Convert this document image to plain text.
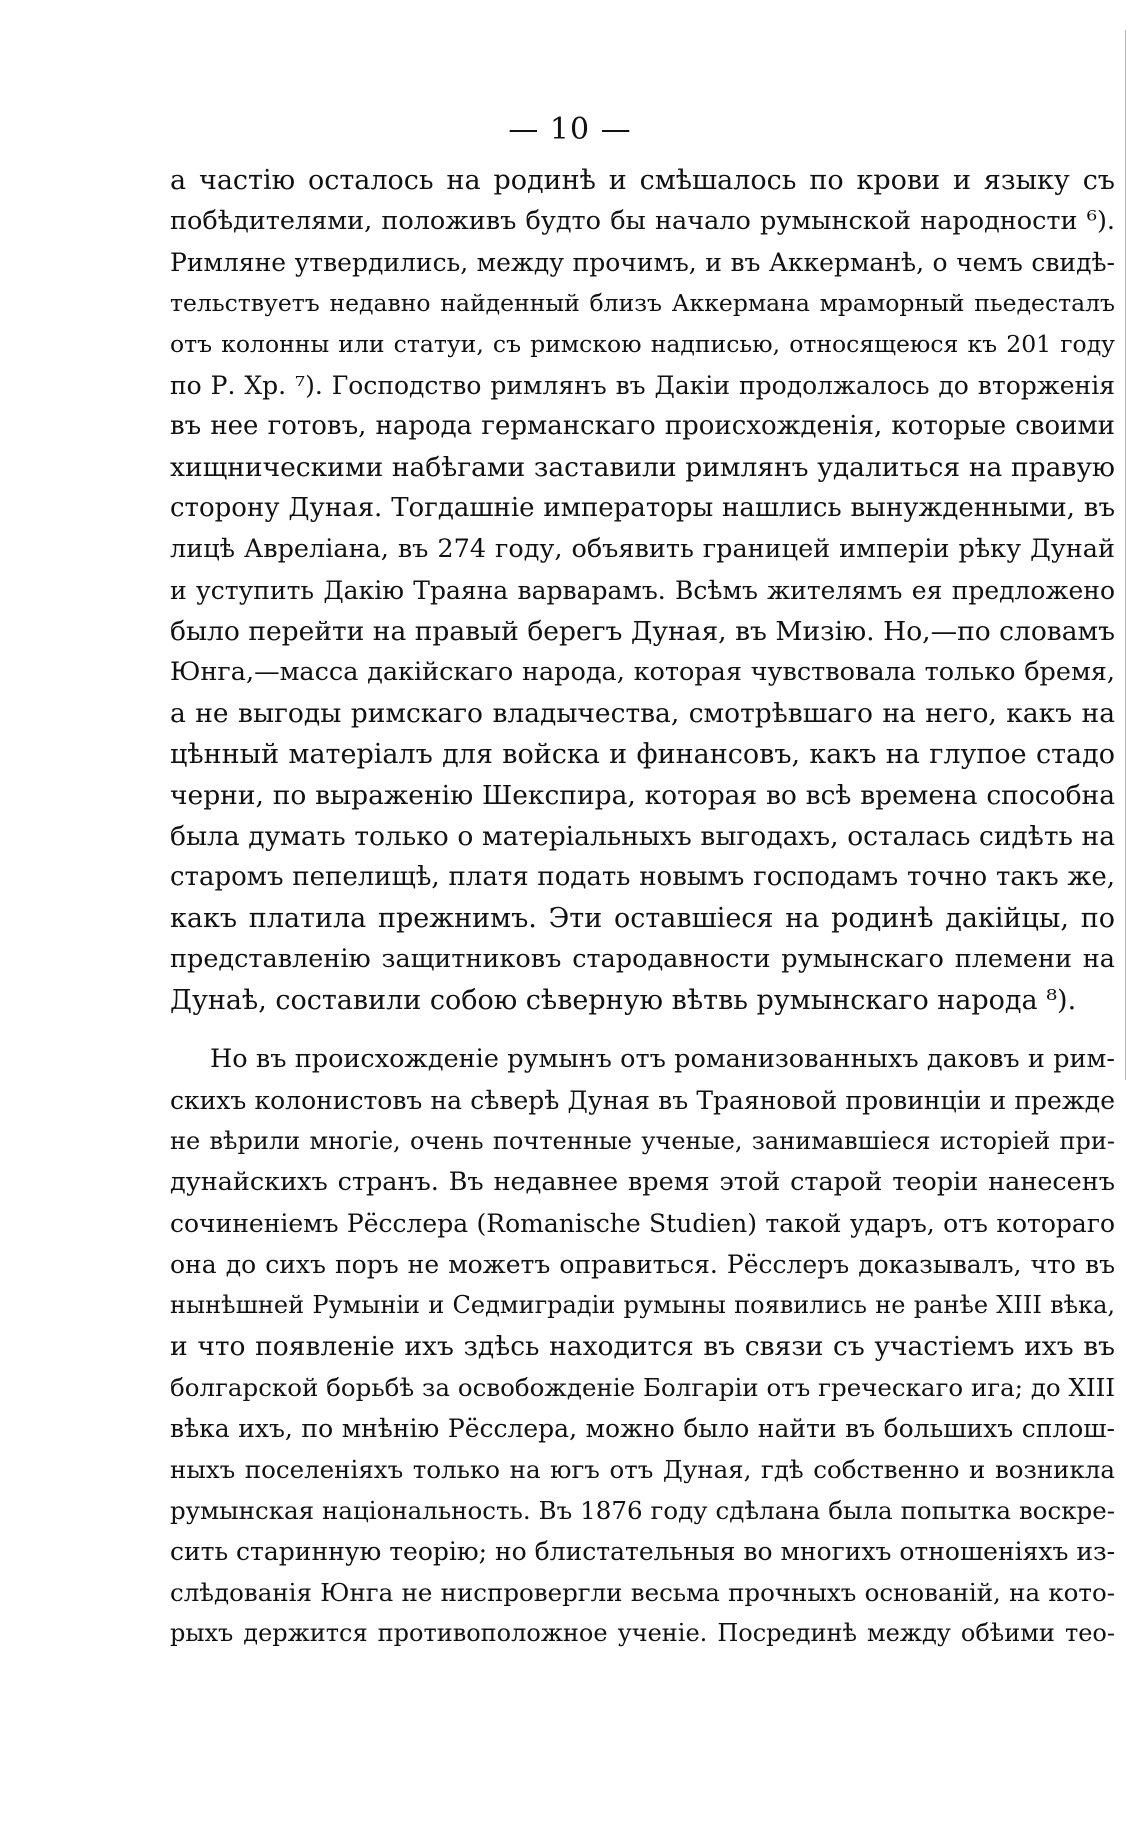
— 10 —
а частію осталось на родинѣ и смѣшалось по крови и языку съ
побѣдителями, положивъ будто бы начало румынской народности ⁶).
Римляне утвердились, между прочимъ, и въ Аккерманѣ, о чемъ свидѣ-
тельствуетъ недавно найденный близъ Аккермана мраморный пьедесталъ
отъ колонны или статуи, съ римскою надписью, относящеюся къ 201 году
по Р. Хр. ⁷). Господство римлянъ въ Дакіи продолжалось до вторженія
въ нее готовъ, народа германскаго происхожденія, которые своими
хищническими набѣгами заставили римлянъ удалиться на правую
сторону Дуная. Тогдашніе императоры нашлись вынужденными, въ
лицѣ Авреліана, въ 274 году, объявить границей имперіи рѣку Дунай
и уступить Дакію Траяна варварамъ. Всѣмъ жителямъ ея предложено
было перейти на правый берегъ Дуная, въ Мизію. Но,—по словамъ
Юнга,—масса дакійскаго народа, которая чувствовала только бремя,
а не выгоды римскаго владычества, смотрѣвшаго на него, какъ на
цѣнный матеріалъ для войска и финансовъ, какъ на глупое стадо
черни, по выраженію Шекспира, которая во всѣ времена способна
была думать только о матеріальныхъ выгодахъ, осталась сидѣть на
старомъ пепелищѣ, платя подать новымъ господамъ точно такъ же,
какъ платила прежнимъ. Эти оставшіеся на родинѣ дакійцы, по
представленію защитниковъ стародавности румынскаго племени на
Дунаѣ, составили собою сѣверную вѣтвь румынскаго народа ⁸).
Но въ происхожденіе румынъ отъ романизованныхъ даковъ и рим-
скихъ колонистовъ на сѣверѣ Дуная въ Траяновой провинціи и прежде
не вѣрили многіе, очень почтенные ученые, занимавшіеся исторіей при-
дунайскихъ странъ. Въ недавнее время этой старой теоріи нанесенъ
сочиненіемъ Рёсслера (Romanische Studien) такой ударъ, отъ котораго
она до сихъ поръ не можетъ оправиться. Рёсслеръ доказывалъ, что въ
нынѣшней Румыніи и Седмиградіи румыны появились не ранѣе XIII вѣка,
и что появленіе ихъ здѣсь находится въ связи съ участіемъ ихъ въ
болгарской борьбѣ за освобожденіе Болгаріи отъ греческаго ига; до XIII
вѣка ихъ, по мнѣнію Рёсслера, можно было найти въ большихъ сплош-
ныхъ поселеніяхъ только на югъ отъ Дуная, гдѣ собственно и возникла
румынская національность. Въ 1876 году сдѣлана была попытка воскре-
сить старинную теорію; но блистательныя во многихъ отношеніяхъ из-
слѣдованія Юнга не ниспровергли весьма прочныхъ основаній, на кото-
рыхъ держится противоположное ученіе. Посрединѣ между обѣими тео-
